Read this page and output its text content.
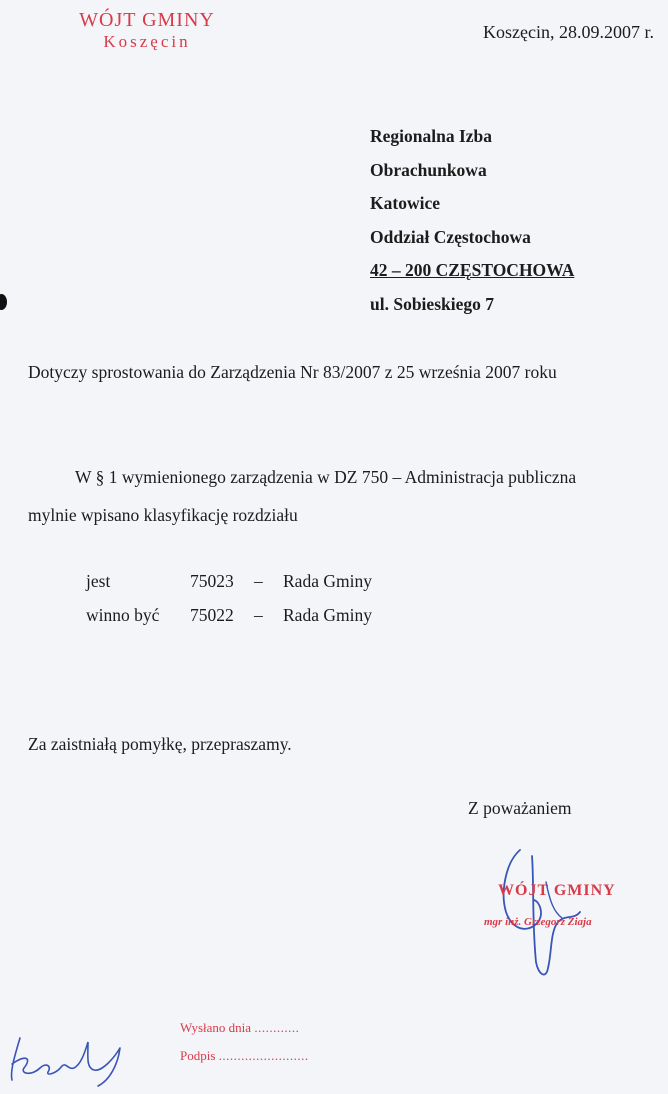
WÓJT GMINY
Koszęcin	Koszęcin, 28.09.2007 r.
Regionalna Izba
Obrachunkowa
Katowice
Oddział Częstochowa
42 – 200 CZĘSTOCHOWA
ul. Sobieskiego 7
Dotyczy sprostowania do Zarządzenia Nr 83/2007 z 25 września 2007 roku
W § 1 wymienionego zarządzenia w DZ 750 – Administracja publiczna
mylnie wpisano klasyfikację rozdziału
jest	75023	–	Rada Gminy
winno być	75022	–	Rada Gminy
Za zaistniałą pomyłkę, przepraszamy.
Z poważaniem
WÓJT GMINY
mgr inż. Grzegorz Ziaja
Wysłano dnia ............
Podpis ........................
